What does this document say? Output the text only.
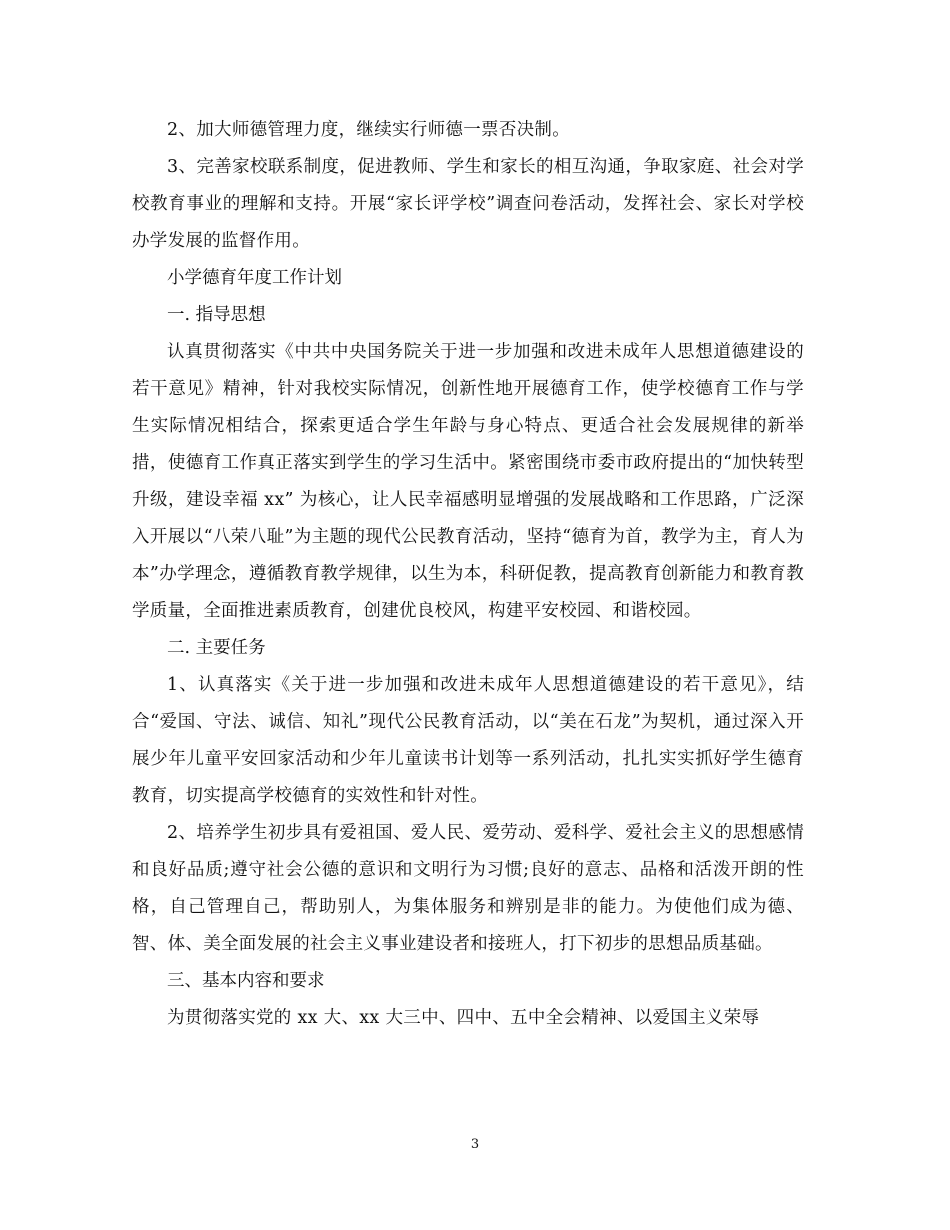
2、加大师德管理力度，继续实行师德一票否决制。

3、完善家校联系制度，促进教师、学生和家长的相互沟通，争取家庭、社会对学校教育事业的理解和支持。开展“家长评学校”调查问卷活动，发挥社会、家长对学校办学发展的监督作用。

小学德育年度工作计划

一. 指导思想

认真贯彻落实《中共中央国务院关于进一步加强和改进未成年人思想道德建设的若干意见》精神，针对我校实际情况，创新性地开展德育工作，使学校德育工作与学生实际情况相结合，探索更适合学生年龄与身心特点、更适合社会发展规律的新举措，使德育工作真正落实到学生的学习生活中。紧密围绕市委市政府提出的“加快转型升级，建设幸福 xx” 为核心，让人民幸福感明显增强的发展战略和工作思路，广泛深入开展以“八荣八耻”为主题的现代公民教育活动，坚持“德育为首，教学为主，育人为本”办学理念，遵循教育教学规律，以生为本，科研促教，提高教育创新能力和教育教学质量，全面推进素质教育，创建优良校风，构建平安校园、和谐校园。

二. 主要任务

1、认真落实《关于进一步加强和改进未成年人思想道德建设的若干意见》，结合“爱国、守法、诚信、知礼”现代公民教育活动，以“美在石龙”为契机，通过深入开展少年儿童平安回家活动和少年儿童读书计划等一系列活动，扎扎实实抓好学生德育教育，切实提高学校德育的实效性和针对性。

2、培养学生初步具有爱祖国、爱人民、爱劳动、爱科学、爱社会主义的思想感情和良好品质;遵守社会公德的意识和文明行为习惯;良好的意志、品格和活泼开朗的性格，自己管理自己，帮助别人，为集体服务和辨别是非的能力。为使他们成为德、智、体、美全面发展的社会主义事业建设者和接班人，打下初步的思想品质基础。

三、基本内容和要求

为贯彻落实党的 xx 大、xx 大三中、四中、五中全会精神、以爱国主义荣辱

3
